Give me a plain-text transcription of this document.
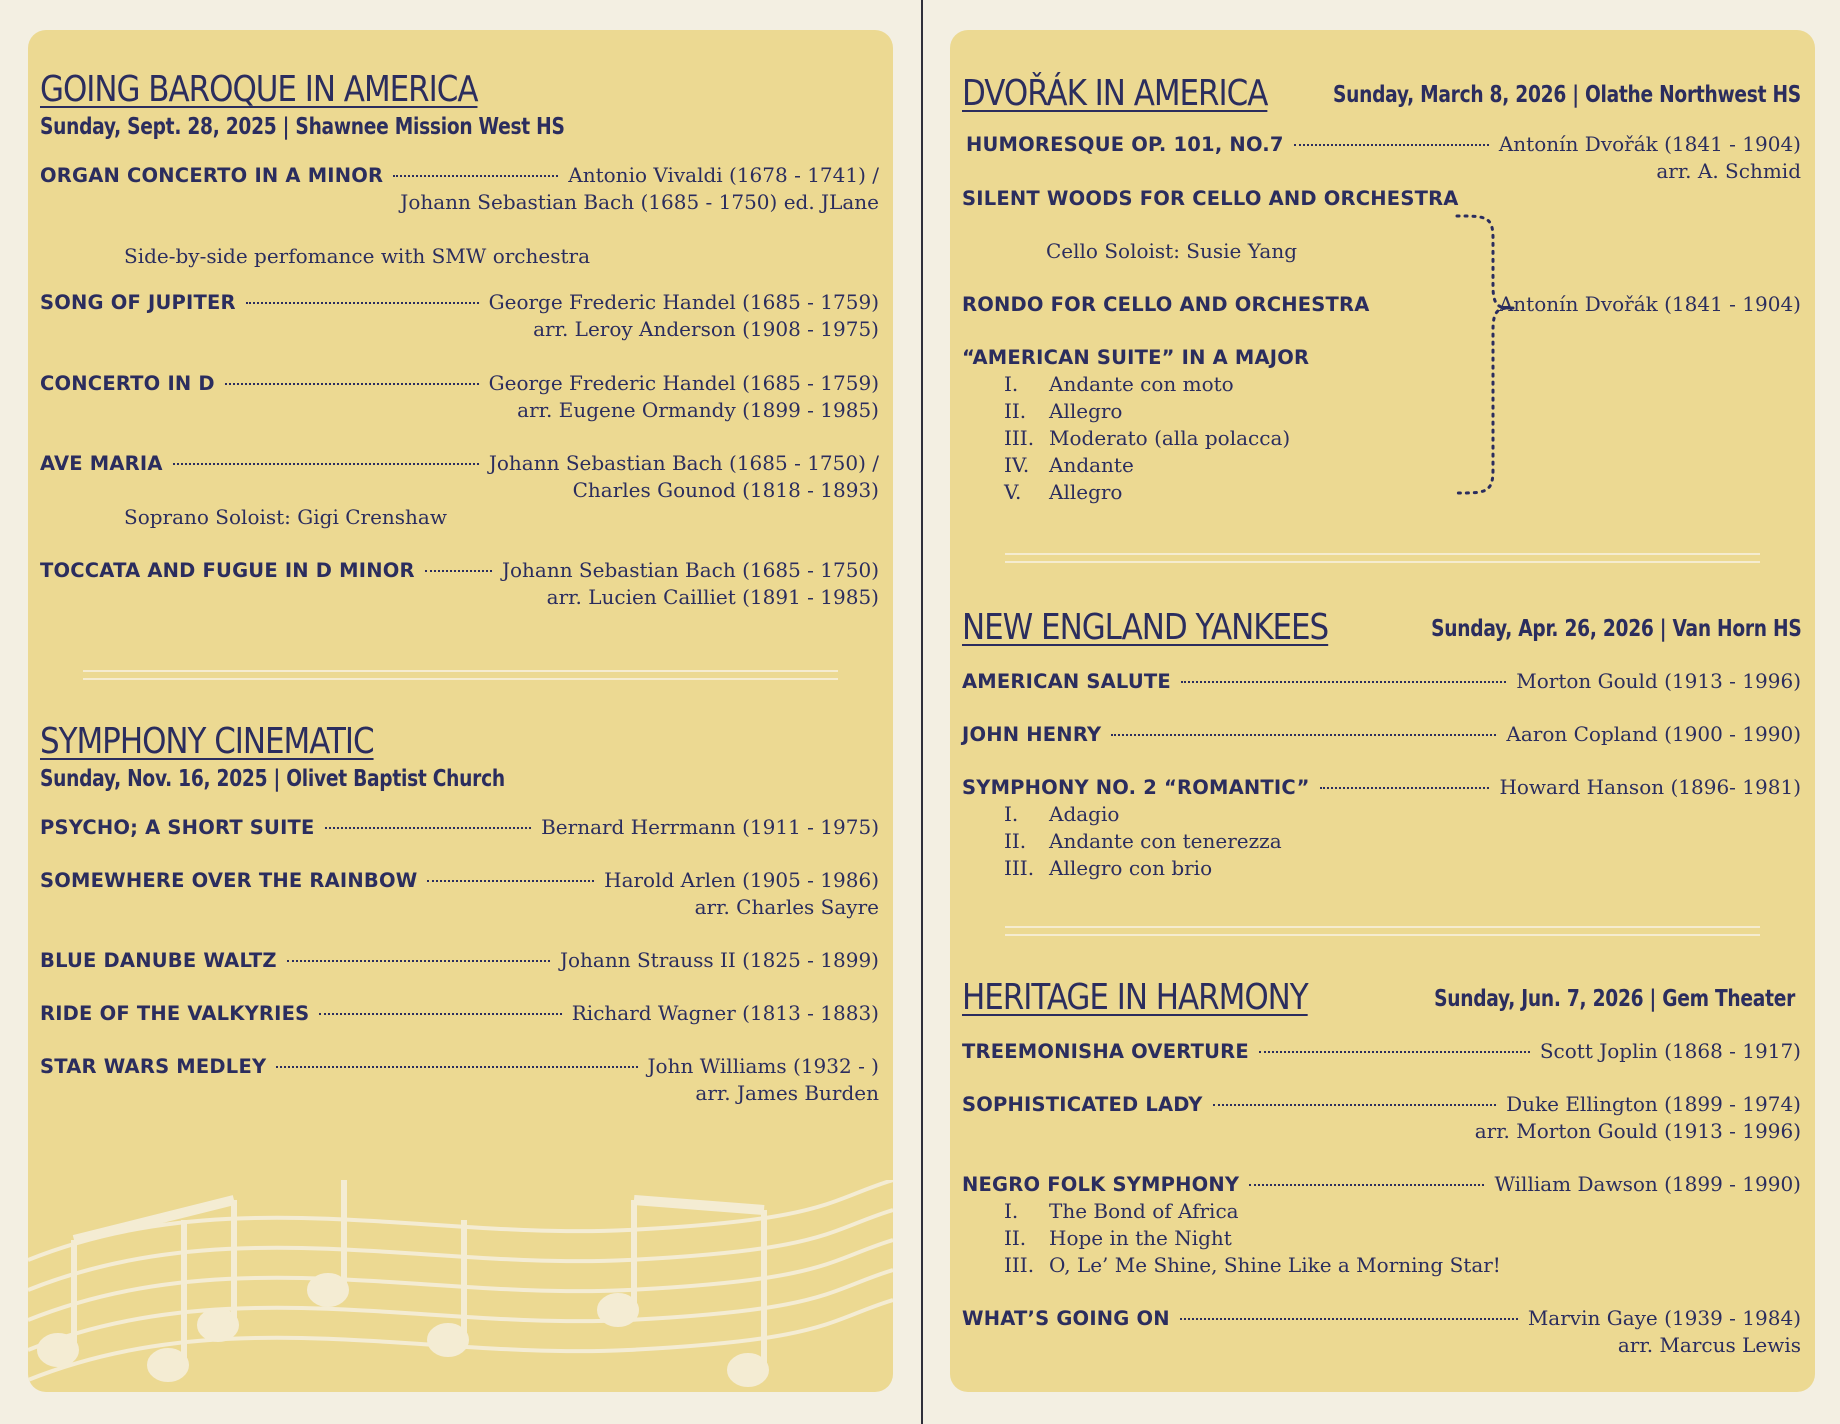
GOING BAROQUE IN AMERICA
Sunday, Sept. 28, 2025 | Shawnee Mission West HS
ORGAN CONCERTO IN A MINOR	Antonio Vivaldi (1678 - 1741) /
Johann Sebastian Bach (1685 - 1750) ed. JLane
Side-by-side perfomance with SMW orchestra
SONG OF JUPITER	George Frederic Handel (1685 - 1759)
arr. Leroy Anderson (1908 - 1975)
CONCERTO IN D	George Frederic Handel (1685 - 1759)
arr. Eugene Ormandy (1899 - 1985)
AVE MARIA	Johann Sebastian Bach (1685 - 1750) /
Charles Gounod (1818 - 1893)
Soprano Soloist: Gigi Crenshaw
TOCCATA AND FUGUE IN D MINOR	Johann Sebastian Bach (1685 - 1750)
arr. Lucien Cailliet (1891 - 1985)
SYMPHONY CINEMATIC
Sunday, Nov. 16, 2025 | Olivet Baptist Church
PSYCHO; A SHORT SUITE	Bernard Herrmann (1911 - 1975)
SOMEWHERE OVER THE RAINBOW	Harold Arlen (1905 - 1986)
arr. Charles Sayre
BLUE DANUBE WALTZ	Johann Strauss II (1825 - 1899)
RIDE OF THE VALKYRIES	Richard Wagner (1813 - 1883)
STAR WARS MEDLEY	John Williams (1932 - )
arr. James Burden
DVOŘÁK IN AMERICA	Sunday, March 8, 2026 | Olathe Northwest HS
HUMORESQUE OP. 101, NO.7	Antonín Dvořák (1841 - 1904)
arr. A. Schmid
SILENT WOODS FOR CELLO AND ORCHESTRA
Cello Soloist: Susie Yang
RONDO FOR CELLO AND ORCHESTRA	Antonín Dvořák (1841 - 1904)
“AMERICAN SUITE” IN A MAJOR
I.	Andante con moto
II.	Allegro
III. Moderato (alla polacca)
IV. Andante
V.	Allegro
NEW ENGLAND YANKEES	Sunday, Apr. 26, 2026 | Van Horn HS
AMERICAN SALUTE	Morton Gould (1913 - 1996)
JOHN HENRY	Aaron Copland (1900 - 1990)
SYMPHONY NO. 2 “ROMANTIC”	Howard Hanson (1896- 1981)
I.	Adagio
II.	Andante con tenerezza
III. Allegro con brio
HERITAGE IN HARMONY	Sunday, Jun. 7, 2026 | Gem Theater
TREEMONISHA OVERTURE	Scott Joplin (1868 - 1917)
SOPHISTICATED LADY	Duke Ellington (1899 - 1974)
arr. Morton Gould (1913 - 1996)
NEGRO FOLK SYMPHONY	William Dawson (1899 - 1990)
I.	The Bond of Africa
II.	Hope in the Night
III. O, Le’ Me Shine, Shine Like a Morning Star!
WHAT’S GOING ON	Marvin Gaye (1939 - 1984)
arr. Marcus Lewis
